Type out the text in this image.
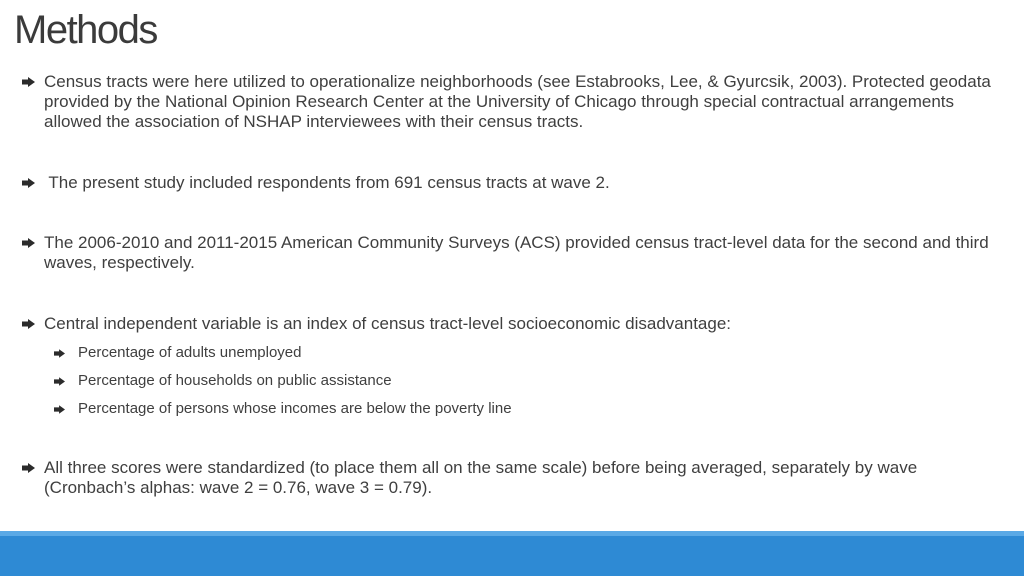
Methods
Census tracts were here utilized to operationalize neighborhoods (see Estabrooks, Lee, & Gyurcsik, 2003). Protected geodata provided by the National Opinion Research Center at the University of Chicago through special contractual arrangements allowed the association of NSHAP interviewees with their census tracts.
The present study included respondents from 691 census tracts at wave 2.
The 2006-2010 and 2011-2015 American Community Surveys (ACS) provided census tract-level data for the second and third waves, respectively.
Central independent variable is an index of census tract-level socioeconomic disadvantage:
Percentage of adults unemployed
Percentage of households on public assistance
Percentage of persons whose incomes are below the poverty line
All three scores were standardized (to place them all on the same scale) before being averaged, separately by wave (Cronbach’s alphas: wave 2 = 0.76, wave 3 = 0.79).
